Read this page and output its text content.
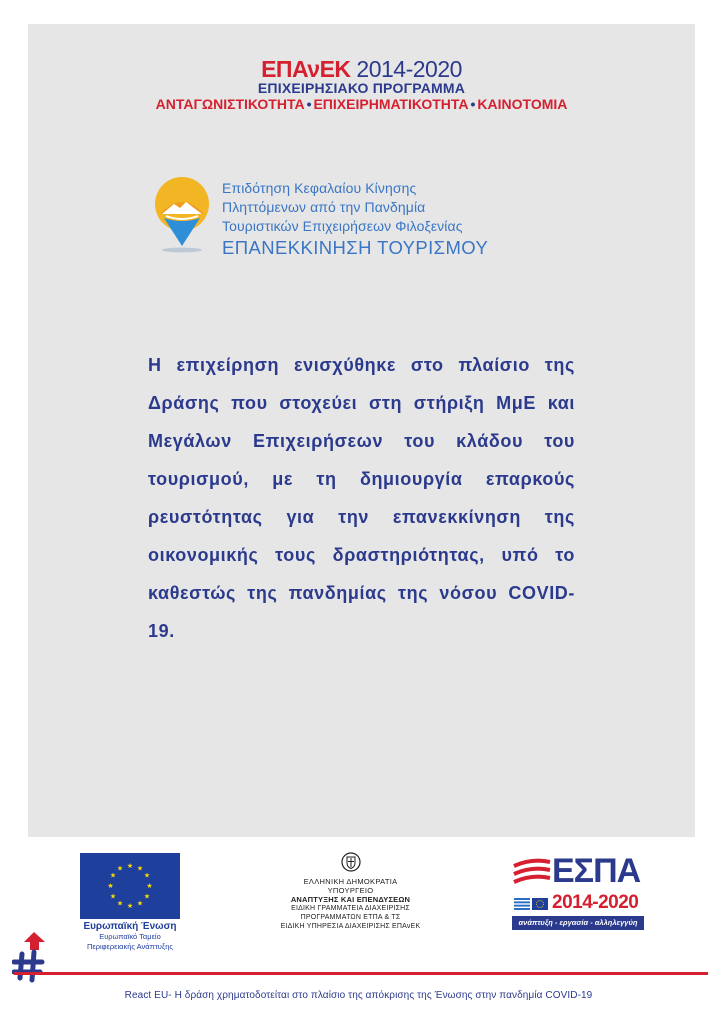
ΕΠΑνΕΚ 2014-2020
ΕΠΙΧΕΙΡΗΣΙΑΚΟ ΠΡΟΓΡΑΜΜΑ
ΑΝΤΑΓΩΝΙΣΤΙΚΟΤΗΤΑ • ΕΠΙΧΕΙΡΗΜΑΤΙΚΟΤΗΤΑ • ΚΑΙΝΟΤΟΜΙΑ
Επιδότηση Κεφαλαίου Κίνησης
Πληττόμενων από την Πανδημία
Τουριστικών Επιχειρήσεων Φιλοξενίας
ΕΠΑΝΕΚΚΙΝΗΣΗ ΤΟΥΡΙΣΜΟΥ
Η επιχείρηση ενισχύθηκε στο πλαίσιο της Δράσης που στοχεύει στη στήριξη ΜμΕ και Μεγάλων Επιχειρήσεων του κλάδου του τουρισμού, με τη δημιουργία επαρκούς ρευστότητας για την επανεκκίνηση της οικονομικής τους δραστηριότητας, υπό το καθεστώς της πανδημίας της νόσου COVID-19.
★ ★
★
★
★
★
★
★
★
★
★
★
Ευρωπαϊκή Ένωση
Ευρωπαϊκό Ταμείο
Περιφερειακής Ανάπτυξης
ΕΛΛΗΝΙΚΗ ΔΗΜΟΚΡΑΤΙΑ
ΥΠΟΥΡΓΕΙΟ
ΑΝΑΠΤΥΞΗΣ ΚΑΙ ΕΠΕΝΔΥΣΕΩΝ
ΕΙΔΙΚΗ ΓΡΑΜΜΑΤΕΙΑ ΔΙΑΧΕΙΡΙΣΗΣ
ΠΡΟΓΡΑΜΜΑΤΩΝ ΕΤΠΑ & ΤΣ
ΕΙΔΙΚΗ ΥΠΗΡΕΣΙΑ ΔΙΑΧΕΙΡΙΣΗΣ ΕΠΑνΕΚ
ΕΣΠΑ
2014-2020
ανάπτυξη - εργασία - αλληλεγγύη
React EU- Η δράση χρηματοδοτείται στο πλαίσιο της απόκρισης της Ένωσης στην πανδημία COVID-19
